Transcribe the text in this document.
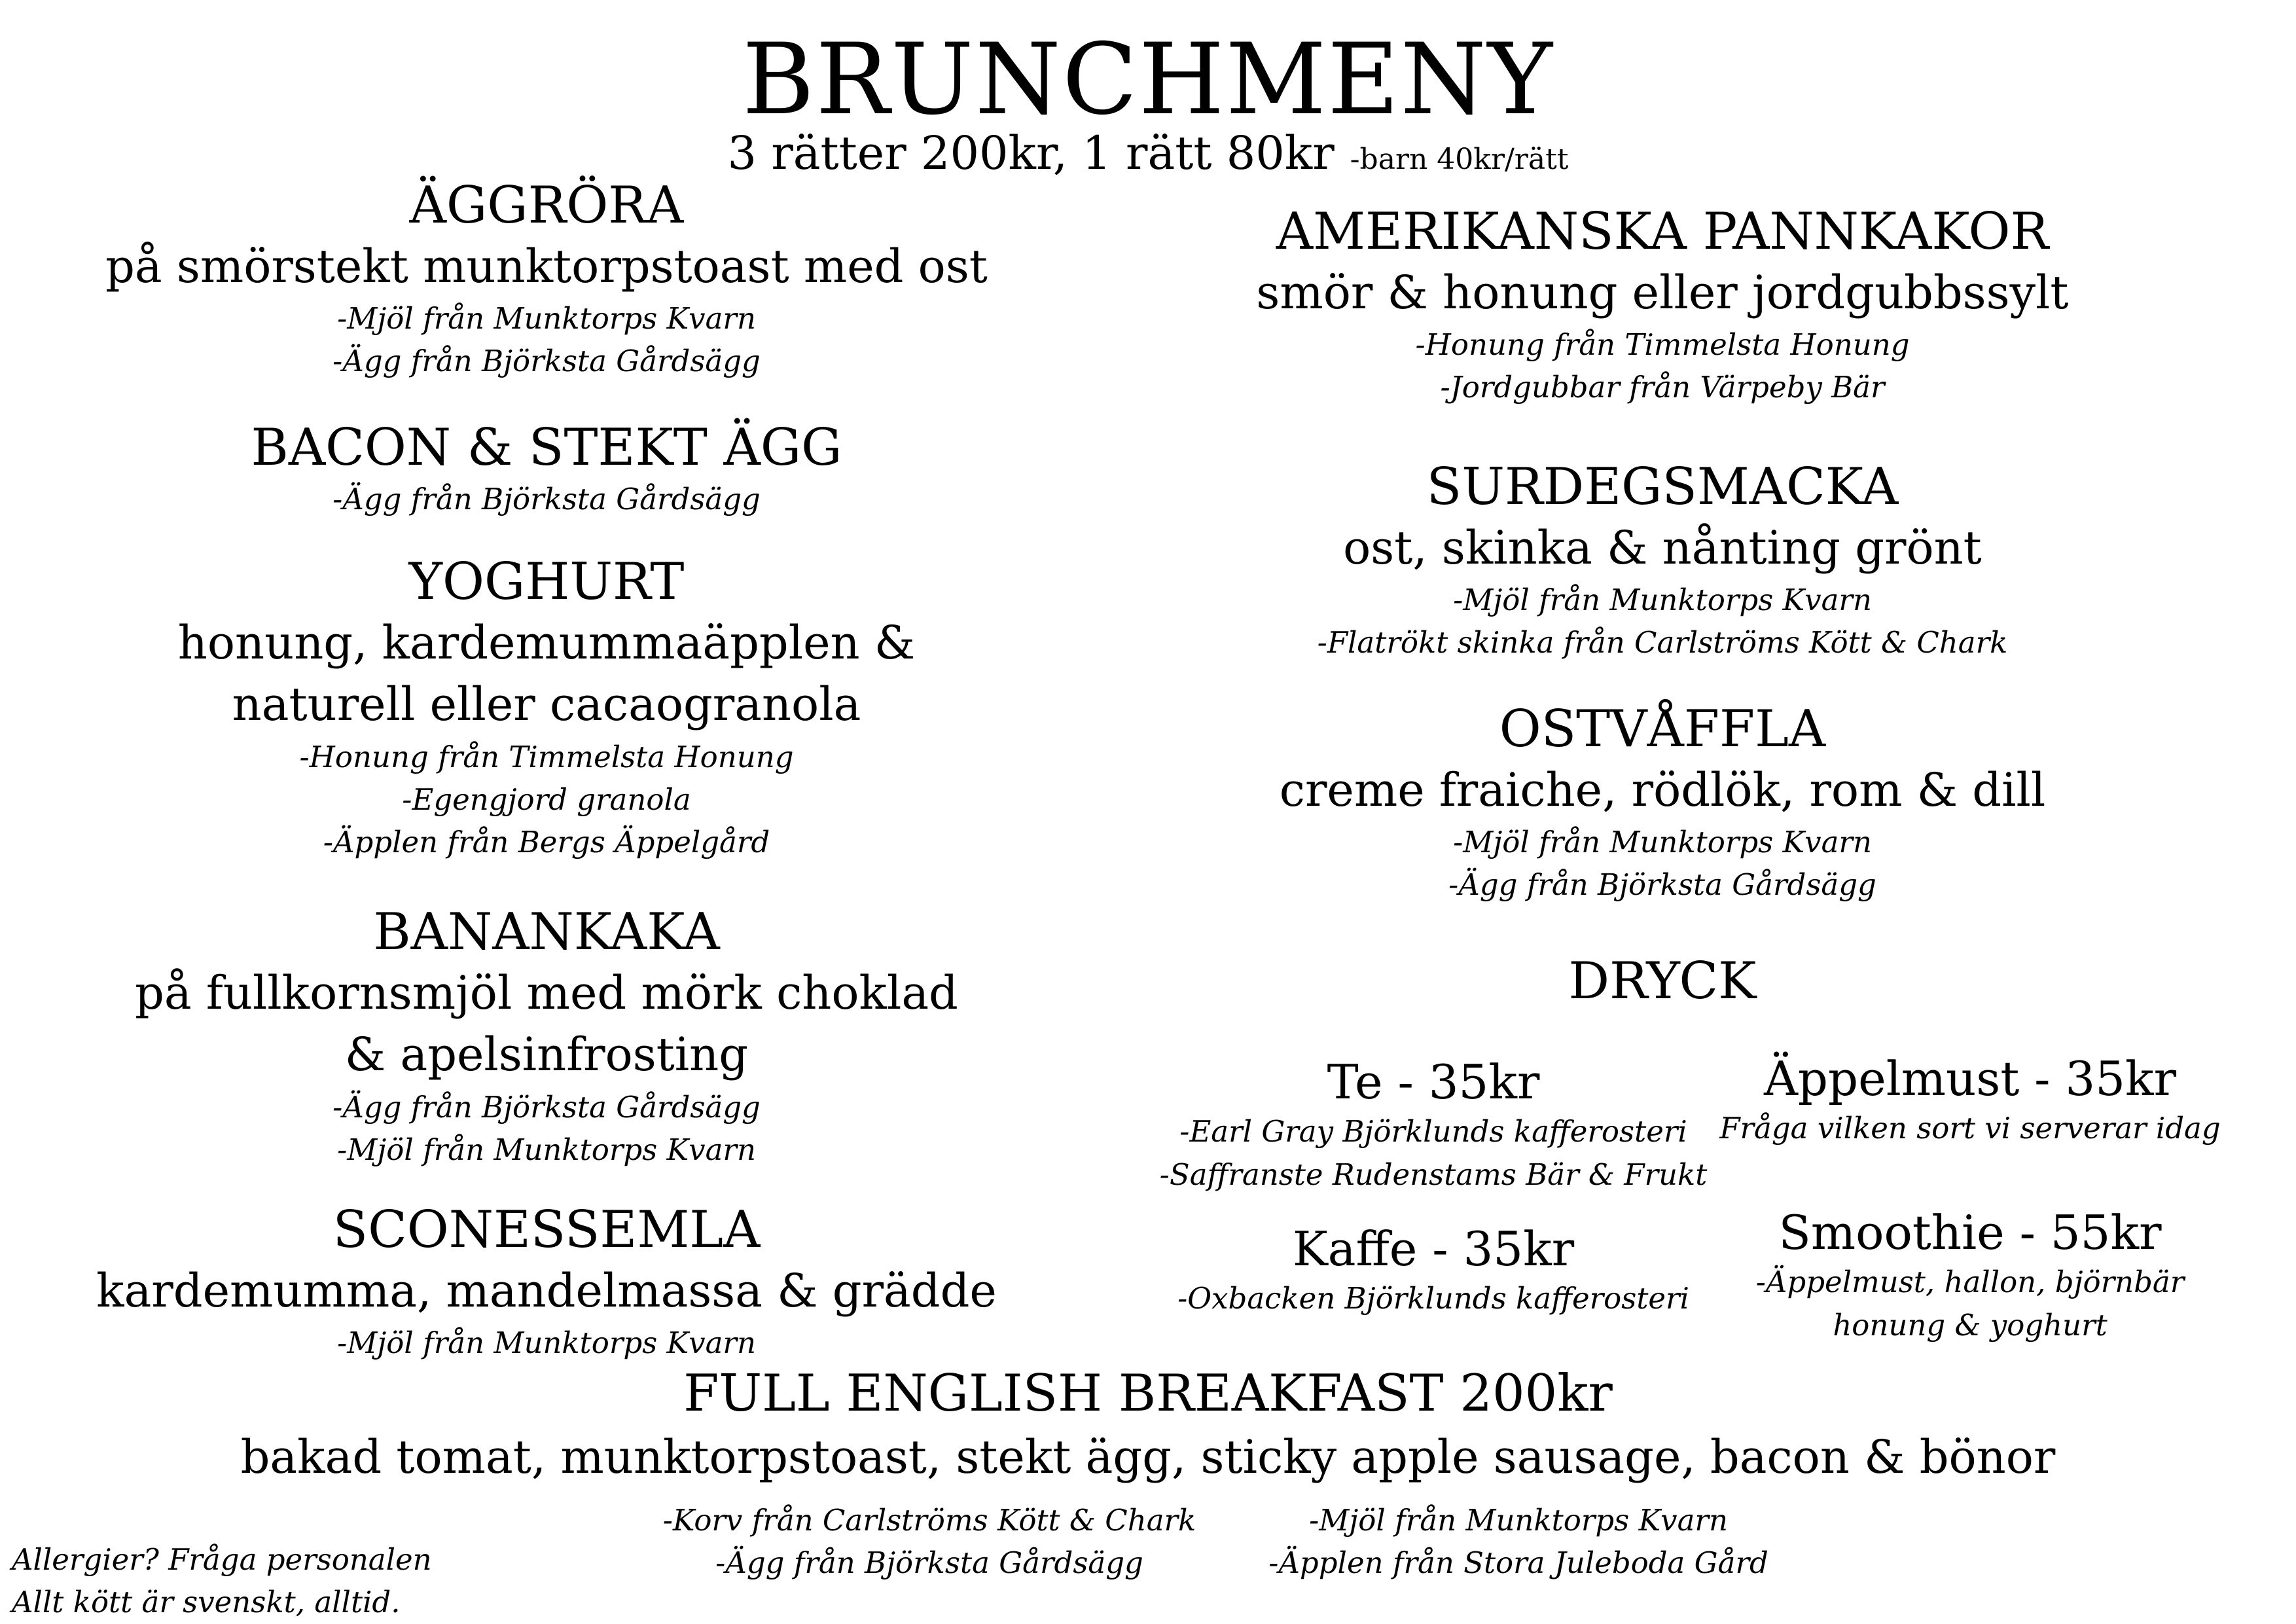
BRUNCHMENY
3 rätter 200kr, 1 rätt 80kr -barn 40kr/rätt
ÄGGRÖRA
på smörstekt munktorpstoast med ost
-Mjöl från Munktorps Kvarn
-Ägg från Björksta Gårdsägg
BACON & STEKT ÄGG
-Ägg från Björksta Gårdsägg
YOGHURT
honung, kardemummaäpplen &
naturell eller cacaogranola
-Honung från Timmelsta Honung
-Egengjord granola
-Äpplen från Bergs Äppelgård
BANANKAKA
på fullkornsmjöl med mörk choklad
& apelsinfrosting
-Ägg från Björksta Gårdsägg
-Mjöl från Munktorps Kvarn
SCONESSEMLA
kardemumma, mandelmassa & grädde
-Mjöl från Munktorps Kvarn
AMERIKANSKA PANNKAKOR
smör & honung eller jordgubbssylt
-Honung från Timmelsta Honung
-Jordgubbar från Värpeby Bär
SURDEGSMACKA
ost, skinka & nånting grönt
-Mjöl från Munktorps Kvarn
-Flatrökt skinka från Carlströms Kött & Chark
OSTVÅFFLA
creme fraiche, rödlök, rom & dill
-Mjöl från Munktorps Kvarn
-Ägg från Björksta Gårdsägg
DRYCK
Te - 35kr
-Earl Gray Björklunds kafferosteri
-Saffranste Rudenstams Bär & Frukt
Äppelmust - 35kr
Fråga vilken sort vi serverar idag
Kaffe - 35kr
-Oxbacken Björklunds kafferosteri
Smoothie - 55kr
-Äppelmust, hallon, björnbär
honung & yoghurt
FULL ENGLISH BREAKFAST 200kr
bakad tomat, munktorpstoast, stekt ägg, sticky apple sausage, bacon & bönor
-Korv från Carlströms Kött & Chark
-Ägg från Björksta Gårdsägg
-Mjöl från Munktorps Kvarn
-Äpplen från Stora Juleboda Gård
Allergier? Fråga personalen
Allt kött är svenskt, alltid.
